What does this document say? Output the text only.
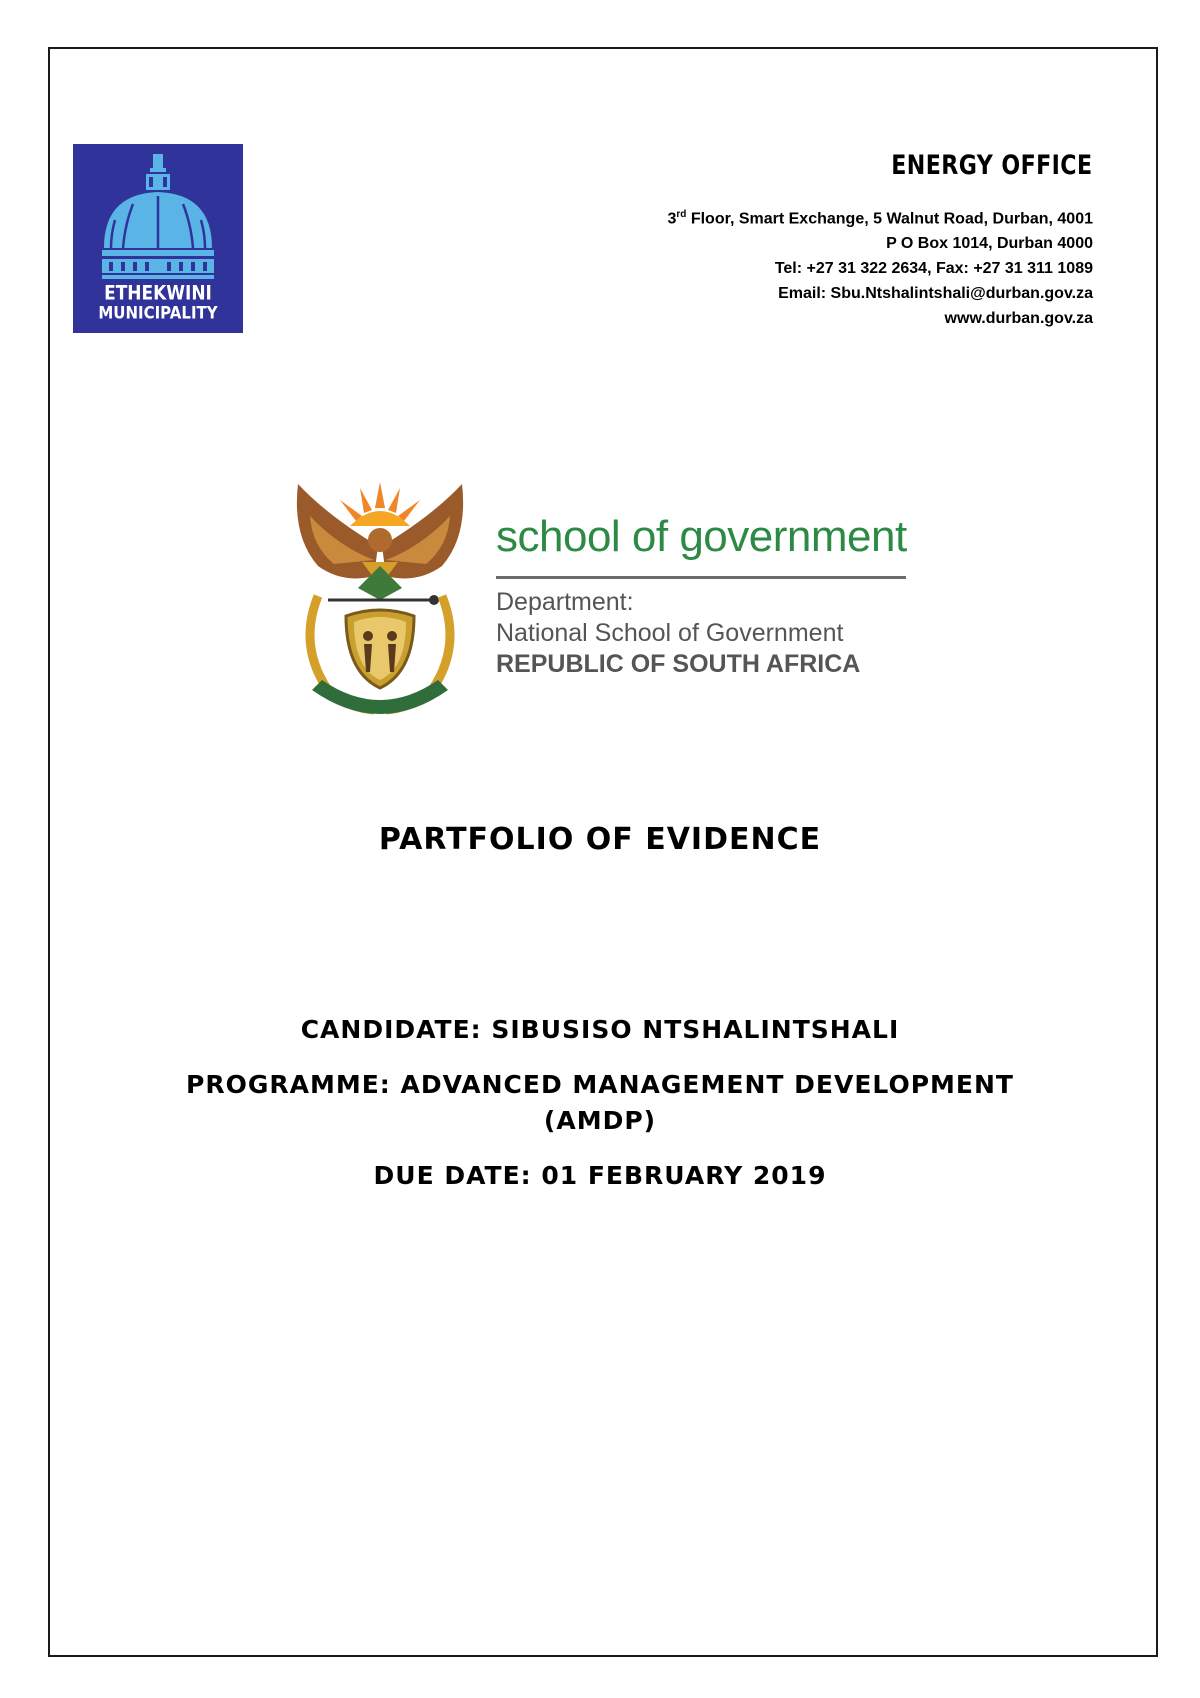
ETHEKWINI
MUNICIPALITY
ENERGY OFFICE
3rd Floor, Smart Exchange, 5 Walnut Road, Durban, 4001
P O Box 1014, Durban 4000
Tel: +27 31 322 2634, Fax: +27 31 311 1089
Email: Sbu.Ntshalintshali@durban.gov.za
www.durban.gov.za
school of government
Department:
National School of Government
REPUBLIC OF SOUTH AFRICA
PARTFOLIO OF EVIDENCE
CANDIDATE: SIBUSISO NTSHALINTSHALI
PROGRAMME: ADVANCED MANAGEMENT DEVELOPMENT
(AMDP)
DUE DATE: 01 FEBRUARY 2019
